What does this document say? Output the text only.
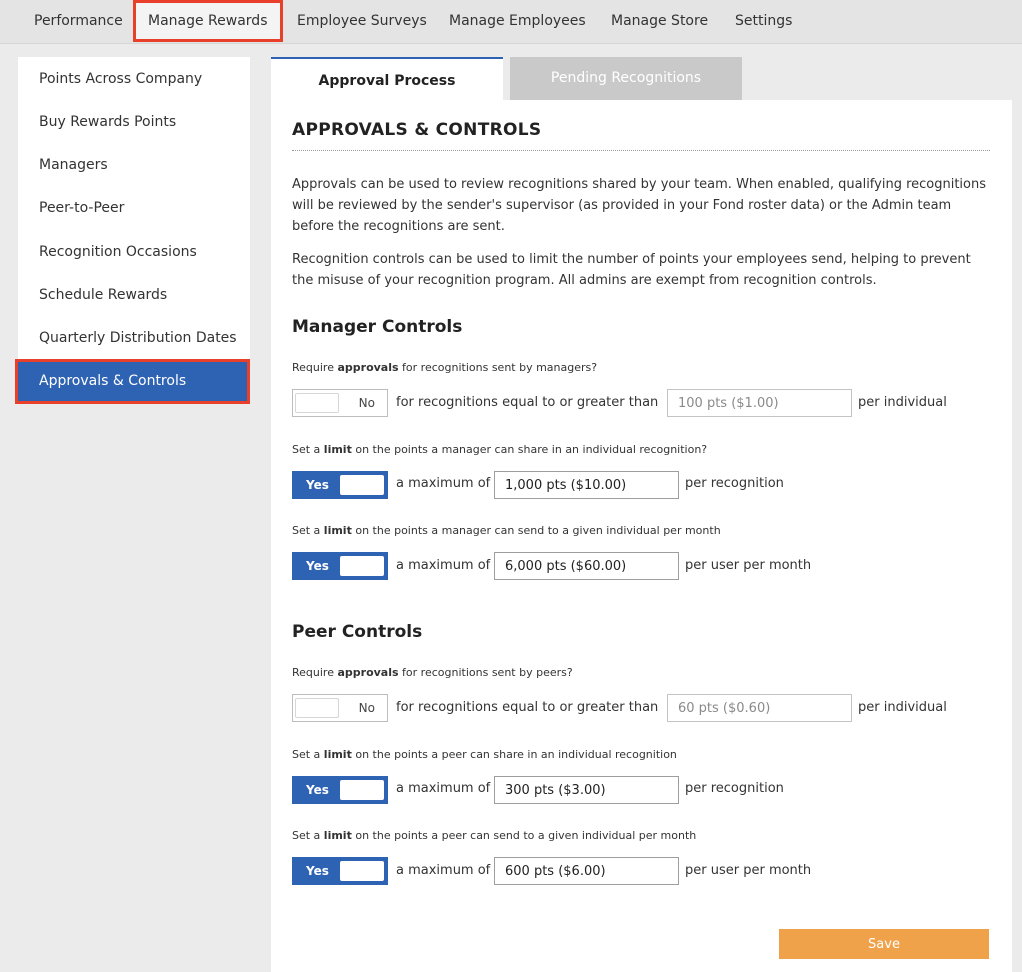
Performance	Manage Rewards	Employee Surveys Manage Employees Manage Store Settings
Points Across Company
Buy Rewards Points
Managers
Peer-to-Peer
Recognition Occasions
Schedule Rewards
Quarterly Distribution Dates
Approvals & Controls
Approval Process	Pending Recognitions
APPROVALS & CONTROLS

Approvals can be used to review recognitions shared by your team. When enabled, qualifying recognitions will be reviewed by the sender's supervisor (as provided in your Fond roster data) or the Admin team before the recognitions are sent.

Recognition controls can be used to limit the number of points your employees send, helping to prevent the misuse of your recognition program. All admins are exempt from recognition controls.

Manager Controls
Require approvals for recognitions sent by managers?
No for recognitions equal to or greater than
100 pts ($1.00)	per individual
Set a limit on the points a manager can share in an individual recognition?
Yes	a maximum of
1,000 pts ($10.00)	per recognition
Set a limit on the points a manager can send to a given individual per month
Yes	a maximum of
6,000 pts ($60.00)	per user per month
Peer Controls
Require approvals for recognitions sent by peers?
No for recognitions equal to or greater than
60 pts ($0.60)	per individual
Set a limit on the points a peer can share in an individual recognition
Yes	a maximum of
300 pts ($3.00)	per recognition
Set a limit on the points a peer can send to a given individual per month
Yes	a maximum of
600 pts ($6.00)	per user per month
Save
